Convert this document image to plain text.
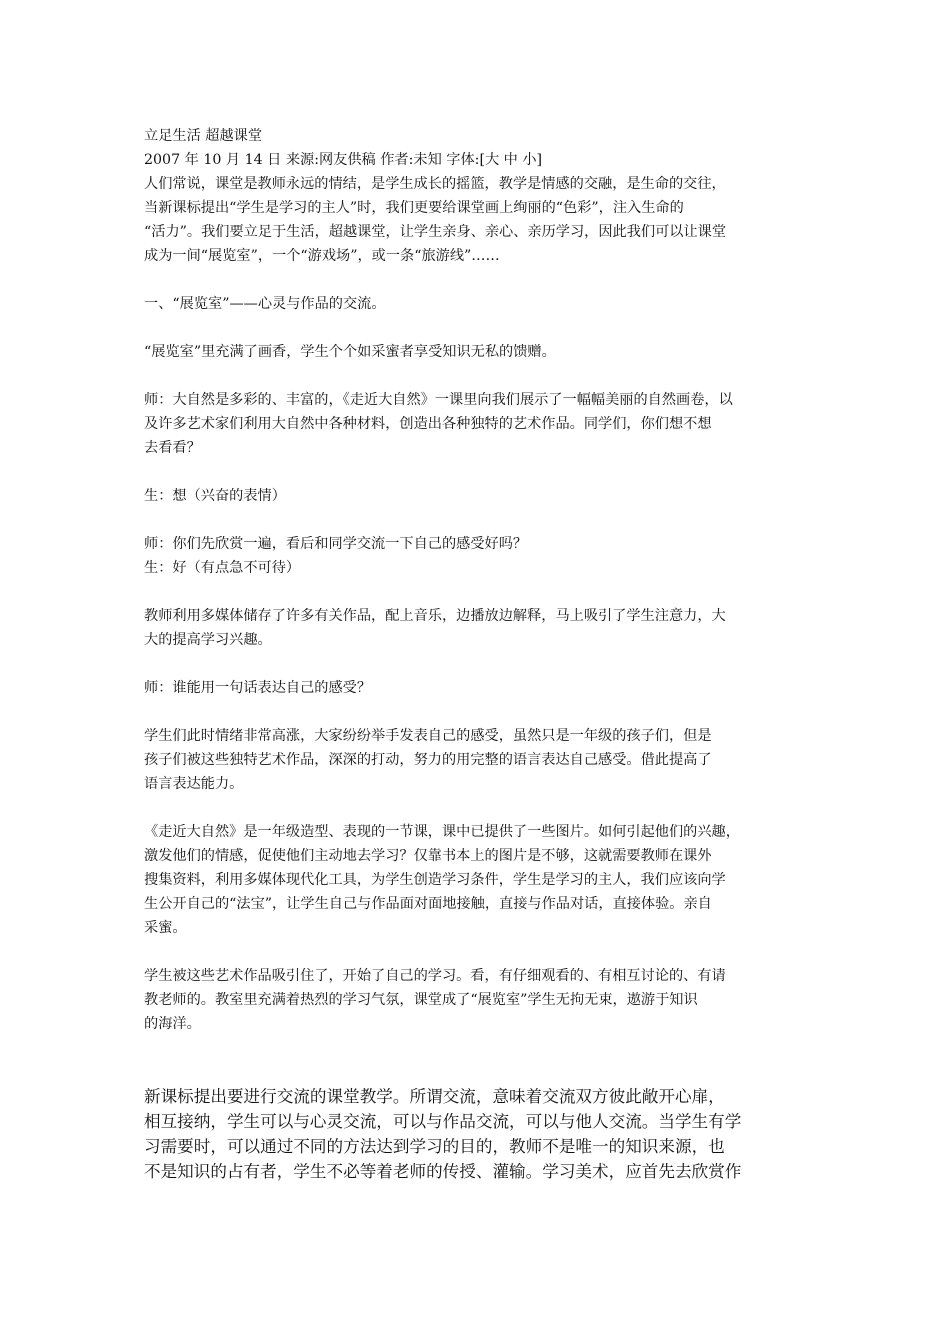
立足生活 超越课堂

2007 年 10 月 14 日 来源:网友供稿 作者:未知 字体:[大 中 小]

人们常说，课堂是教师永远的情结，是学生成长的摇篮，教学是情感的交融，是生命的交往，
当新课标提出“学生是学习的主人”时，我们更要给课堂画上绚丽的“色彩”，注入生命的
“活力”。我们要立足于生活，超越课堂，让学生亲身、亲心、亲历学习，因此我们可以让课堂
成为一间“展览室”，一个“游戏场”，或一条“旅游线”……

一、“展览室”——心灵与作品的交流。

“展览室”里充满了画香，学生个个如采蜜者享受知识无私的馈赠。

师：大自然是多彩的、丰富的，《走近大自然》一课里向我们展示了一幅幅美丽的自然画卷，以
及许多艺术家们利用大自然中各种材料，创造出各种独特的艺术作品。同学们，你们想不想
去看看？

生：想（兴奋的表情）

师：你们先欣赏一遍，看后和同学交流一下自己的感受好吗？

生：好（有点急不可待）

教师利用多媒体储存了许多有关作品，配上音乐，边播放边解释，马上吸引了学生注意力，大
大的提高学习兴趣。

师：谁能用一句话表达自己的感受？

学生们此时情绪非常高涨，大家纷纷举手发表自己的感受，虽然只是一年级的孩子们，但是
孩子们被这些独特艺术作品，深深的打动，努力的用完整的语言表达自己感受。借此提高了
语言表达能力。
《走近大自然》是一年级造型、表现的一节课，课中已提供了一些图片。如何引起他们的兴趣，
激发他们的情感，促使他们主动地去学习？仅靠书本上的图片是不够，这就需要教师在课外
搜集资料，利用多媒体现代化工具，为学生创造学习条件，学生是学习的主人，我们应该向学
生公开自己的“法宝”，让学生自己与作品面对面地接触，直接与作品对话，直接体验。亲自
采蜜。
学生被这些艺术作品吸引住了，开始了自己的学习。看，有仔细观看的、有相互讨论的、有请
教老师的。教室里充满着热烈的学习气氛，课堂成了“展览室”学生无拘无束，遨游于知识
的海洋。
新课标提出要进行交流的课堂教学。所谓交流，意味着交流双方彼此敞开心扉，
相互接纳，学生可以与心灵交流，可以与作品交流，可以与他人交流。当学生有学
习需要时，可以通过不同的方法达到学习的目的，教师不是唯一的知识来源，也
不是知识的占有者，学生不必等着老师的传授、灌输。学习美术，应首先去欣赏作
